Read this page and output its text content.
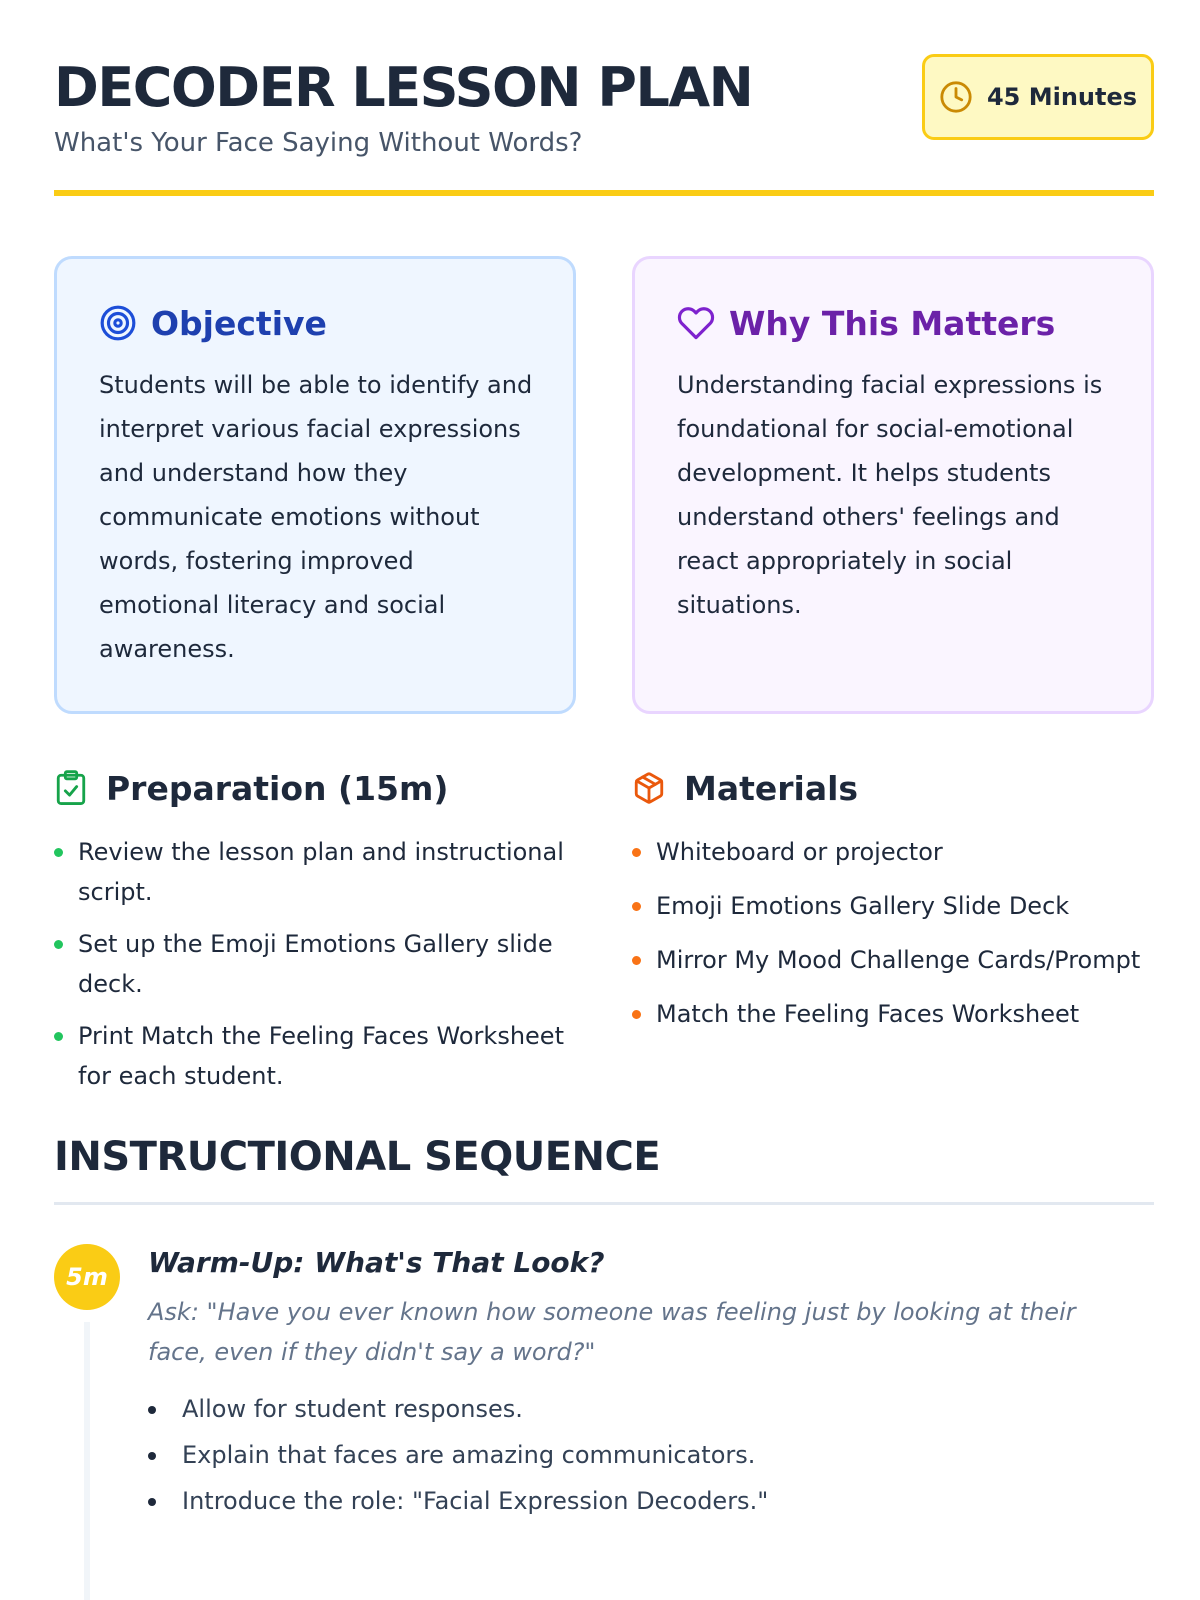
DECODER LESSON PLAN
What's Your Face Saying Without Words?
45 Minutes
Objective

Students will be able to identify and interpret various facial expressions and understand how they communicate emotions without words, fostering improved emotional literacy and social awareness.

Why This Matters

Understanding facial expressions is foundational for social-emotional development. It helps students understand others' feelings and react appropriately in social situations.

Preparation (15m)
Review the lesson plan and instructional script.
Set up the Emoji Emotions Gallery slide deck.
Print Match the Feeling Faces Worksheet for each student.
Materials
Whiteboard or projector
Emoji Emotions Gallery Slide Deck
Mirror My Mood Challenge Cards/Prompt
Match the Feeling Faces Worksheet
INSTRUCTIONAL SEQUENCE
5m	Warm-Up: What's That Look?

Ask: "Have you ever known how someone was feeling just by looking at their face, even if they didn't say a word?"

Allow for student responses.
Explain that faces are amazing communicators.
Introduce the role: "Facial Expression Decoders."
